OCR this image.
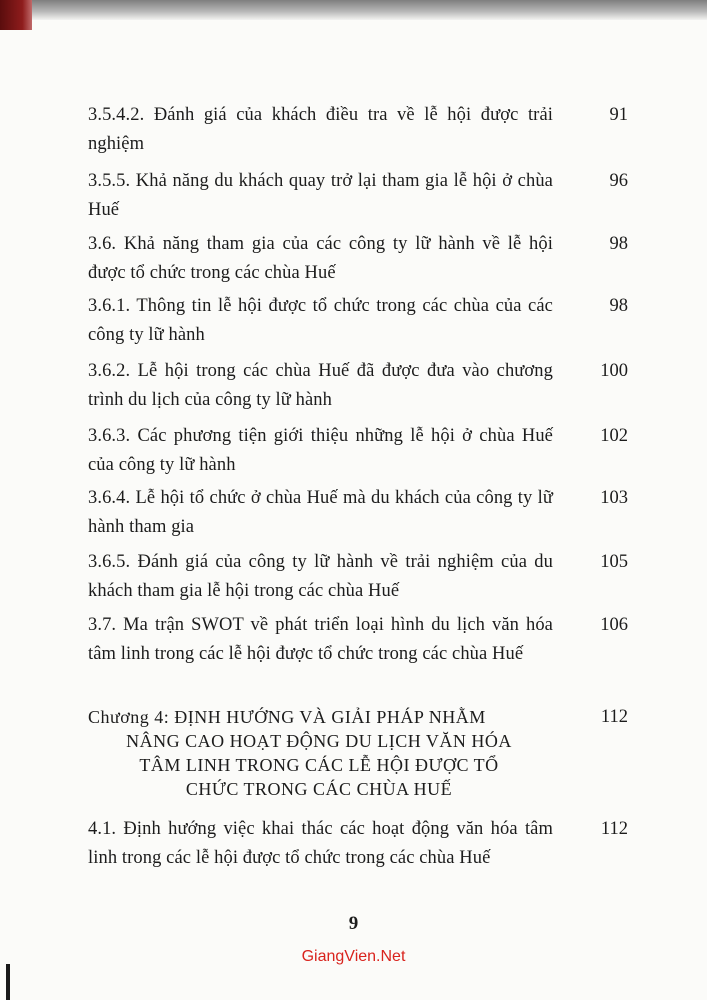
3.5.4.2. Đánh giá của khách điều tra về lễ hội được trải nghiệm
91
3.5.5. Khả năng du khách quay trở lại tham gia lễ hội ở chùa Huế
96
3.6. Khả năng tham gia của các công ty lữ hành về lễ hội được tổ chức trong các chùa Huế
98
3.6.1. Thông tin lễ hội được tổ chức trong các chùa của các công ty lữ hành
98
3.6.2. Lễ hội trong các chùa Huế đã được đưa vào chương trình du lịch của công ty lữ hành
100
3.6.3. Các phương tiện giới thiệu những lễ hội ở chùa Huế của công ty lữ hành
102
3.6.4. Lễ hội tổ chức ở chùa Huế mà du khách của công ty lữ hành tham gia
103
3.6.5. Đánh giá của công ty lữ hành về trải nghiệm của du khách tham gia lễ hội trong các chùa Huế
105
3.7. Ma trận SWOT về phát triển loại hình du lịch văn hóa tâm linh trong các lễ hội được tổ chức trong các chùa Huế
106
Chương 4: ĐỊNH HƯỚNG VÀ GIẢI PHÁP NHẰM
NÂNG CAO HOẠT ĐỘNG DU LỊCH VĂN HÓA TÂM LINH TRONG CÁC LỄ HỘI ĐƯỢC TỔ CHỨC TRONG CÁC CHÙA HUẾ
112
4.1. Định hướng việc khai thác các hoạt động văn hóa tâm linh trong các lễ hội được tổ chức trong các chùa Huế
112
9
GiangVien.Net
